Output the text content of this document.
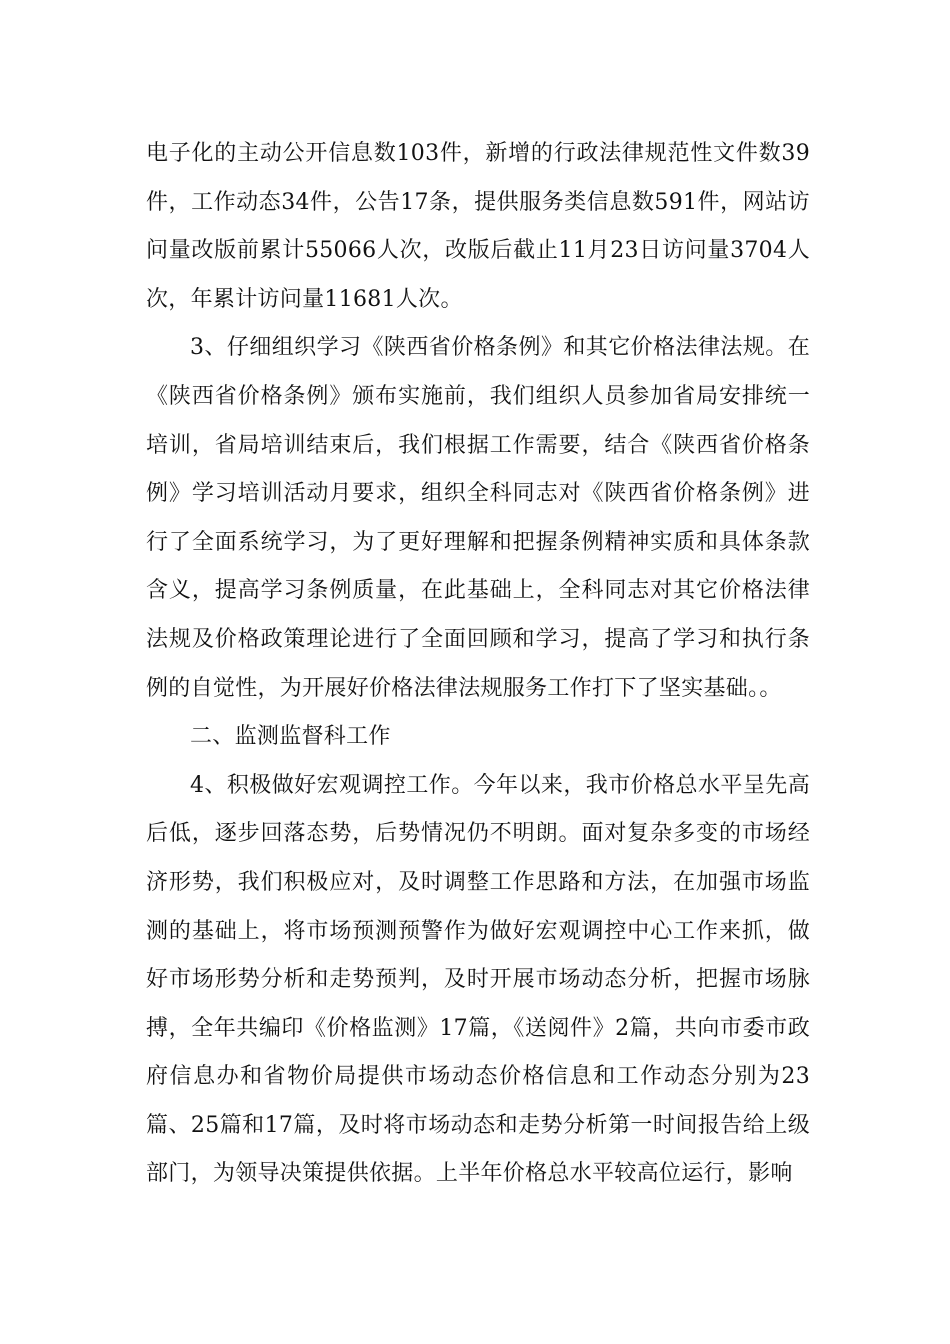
电子化的主动公开信息数103件，新增的行政法律规范性文件数39件，工作动态34件，公告17条，提供服务类信息数591件，网站访问量改版前累计55066人次，改版后截止11月23日访问量3704人次，年累计访问量11681人次。

3、仔细组织学习《陕西省价格条例》和其它价格法律法规。在《陕西省价格条例》颁布实施前，我们组织人员参加省局安排统一培训，省局培训结束后，我们根据工作需要，结合《陕西省价格条例》学习培训活动月要求，组织全科同志对《陕西省价格条例》进行了全面系统学习，为了更好理解和把握条例精神实质和具体条款含义，提高学习条例质量，在此基础上，全科同志对其它价格法律法规及价格政策理论进行了全面回顾和学习，提高了学习和执行条例的自觉性，为开展好价格法律法规服务工作打下了坚实基础。。

二、监测监督科工作

4、积极做好宏观调控工作。今年以来，我市价格总水平呈先高后低，逐步回落态势，后势情况仍不明朗。面对复杂多变的市场经济形势，我们积极应对，及时调整工作思路和方法，在加强市场监测的基础上，将市场预测预警作为做好宏观调控中心工作来抓，做好市场形势分析和走势预判，及时开展市场动态分析，把握市场脉搏，全年共编印《价格监测》17篇，《送阅件》2篇，共向市委市政府信息办和省物价局提供市场动态价格信息和工作动态分别为23篇、25篇和17篇，及时将市场动态和走势分析第一时间报告给上级部门，为领导决策提供依据。上半年价格总水平较高位运行，影响
